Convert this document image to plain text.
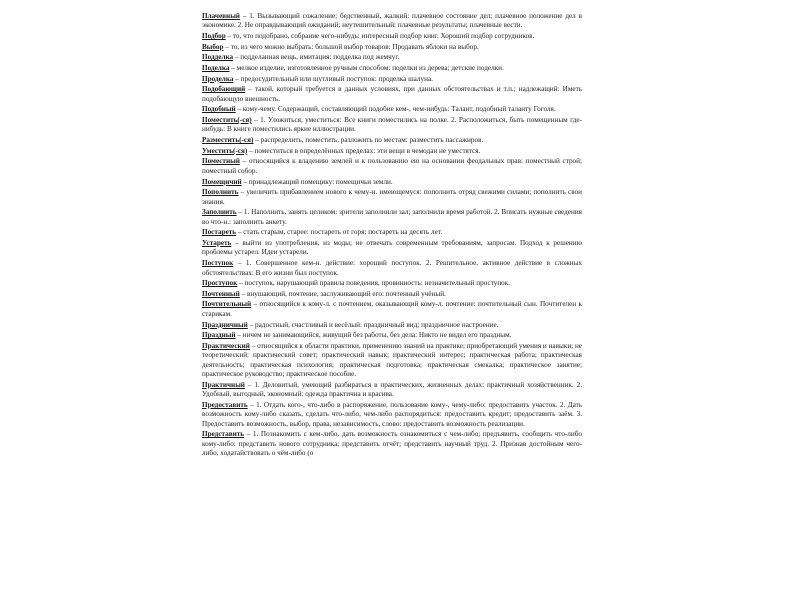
Плачевный – 1. Вызывающий сожаление; бедственный, жалкий: плачевное состояние дел; плачевное положение дел в экономике. 2. Не оправдывающий ожиданий; неутешительный: плачевные результаты; плачевные вести.

Подбор – то, что подобрано, собрание чего-нибудь: интересный подбор книг. Хороший подбор сотрудников.

Выбор – то, из чего можно выбрать: большой выбор товаров: Продавать яблоки на выбор.

Подделка – подделанная вещь, имитация: подделка под жемчуг.

Поделка – мелкое изделие, изготовленное ручным способом: поделки из дерева; детские поделки.

Проделка – предосудительный или шутливый поступок: проделка шалуна.

Подобающий – такой, который требуется в данных условиях, при данных обстоятельствах и т.п.; надлежащий: Иметь подобающую внешность.

Подобный – кому-чему. Содержащий, составляющий подобие кем-, чем-нибудь: Талант, подобный таланту Гоголя.

Поместить(-ся) – 1. Уложиться, уместиться: Все книги поместились на полке. 2. Расположиться, быть помещенным где-нибудь: В книге поместились яркие иллюстрации.

Разместить(-ся) – распределить, поместить, разложить по местам: разместить пассажиров.

Уместить(-ся) – поместиться в определённых пределах: эти вещи в чемодан не уместятся.

Поместный – относящийся к владению землей и к пользованию ею на основании феодальных прав: поместный строй; поместный собор.

Помещичий – принадлежащий помещику: помещичьи земли.

Пополнить – увеличить прибавлением нового к чему-н. имеющемуся: пополнить отряд свежими силами; пополнить свои знания.

Заполнить – 1. Наполнить, занять целиком: зрители заполнили зал; заполнили время работой. 2. Вписать нужные сведения во что-н.: заполнить анкету.

Постареть – стать старым, старее: постареть от горя; постареть на десять лет.

Устареть – выйти из употребления, из моды; не отвечать современным требованиям, запросам. Подход к решению проблемы устарел. Идеи устарели.

Поступок – 1. Совершенное кем-н. действие: хороший поступок. 2. Решительное, активное действие в сложных обстоятельствах: В его жизни был поступок.

Проступок – поступок, нарушающий правила поведения, провинность: незначительный проступок.

Почтенный – внушающий, почтение, заслуживающий его: почтенный учёный.

Почтительный – относящийся к кому-л. с почтением, оказывающий кому-л. почтение: почтительный сын. Почтителен к старикам.

Праздничный – радостный, счастливый и весёлый: праздничный вид; праздничное настроение.

Праздный – ничем не занимающийся, живущий без работы, без дела: Никто не видел его праздным.

Практический – относящийся к области практики, применению знаний на практике; приобретающий умения и навыки; не теоретический: практический совет; практический навык; практический интерес; практическая работа; практическая деятельность; практическая психология; практическая подготовка; практическая смекалка; практическое занятие; практическое руководство; практическое пособие.

Практичный – 1. Деловитый, умеющий разбираться в практических, жизненных делах: практичный хозяйственник. 2. Удобный, выгодный, экономный: одежда практична и красива.

Предоставить – 1. Отдать кого-, что-либо в распоряжение, пользование кому-, чему-либо: предоставить участок. 2. Дать возможность кому-либо сказать, сделать что-либо, чем-либо распорядиться: предоставить кредит; предоставить заём. 3. Предоставить возможность, выбор, права, независимость, слово: предоставить возможность реализации.

Представить – 1. Познакомить с кем-либо, дать возможность ознакомиться с чем-либо; предъявить, сообщить что-либо кому-либо: представить нового сотрудника; представить отчёт; представить научный труд. 2. Признав достойным чего-либо, ходатайствовать о чём-либо (о
